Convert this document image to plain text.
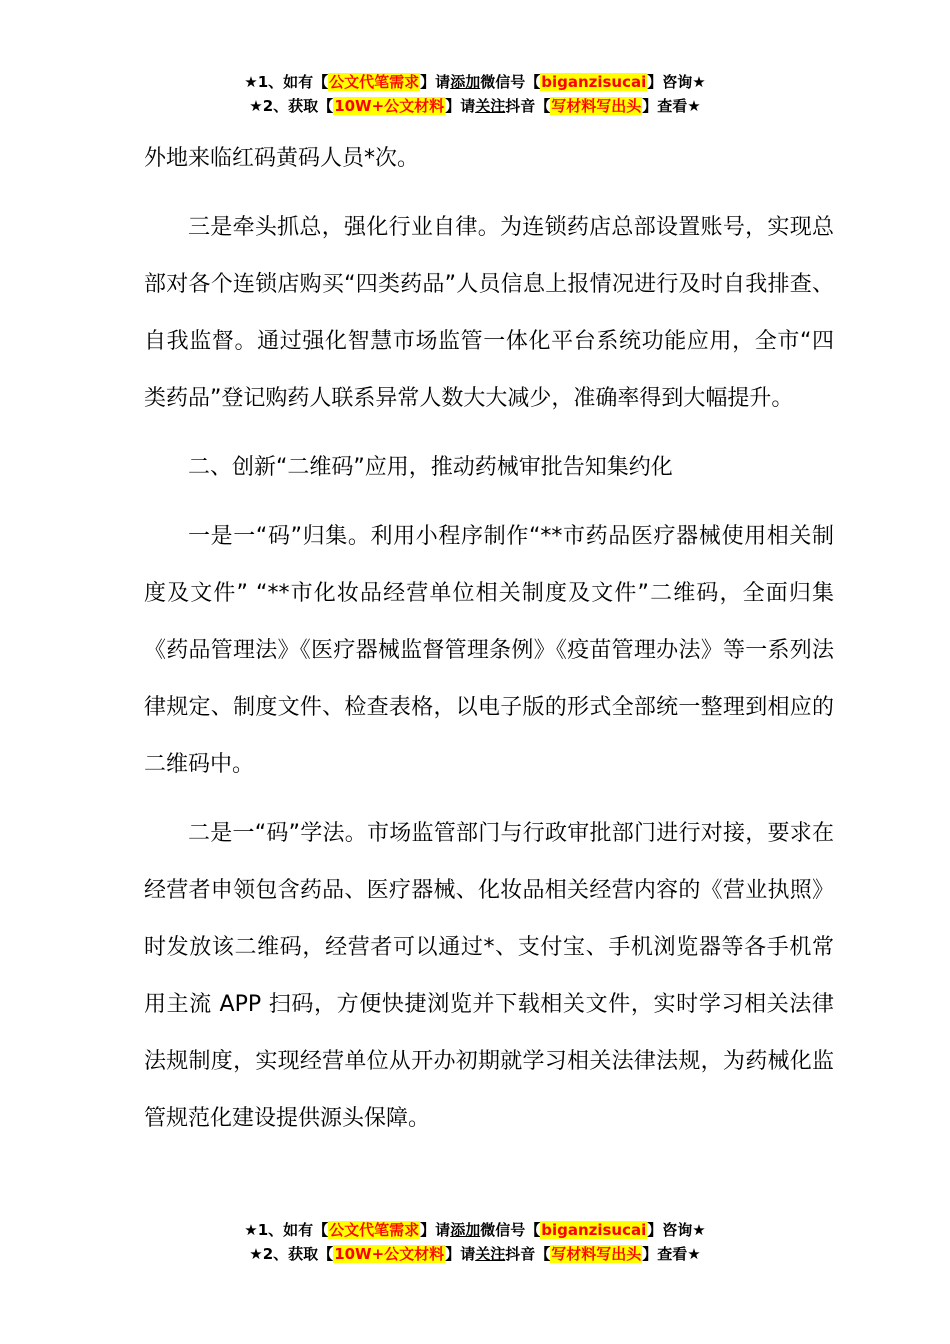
★1、如有【公文代笔需求】请添加微信号【biganzisucai】咨询★
★2、获取【10W+公文材料】请关注抖音【写材料写出头】查看★

外地来临红码黄码人员*次。

三是牵头抓总，强化行业自律。为连锁药店总部设置账号，实现总部对各个连锁店购买“四类药品”人员信息上报情况进行及时自我排查、自我监督。通过强化智慧市场监管一体化平台系统功能应用，全市“四类药品”登记购药人联系异常人数大大减少，准确率得到大幅提升。

二、创新“二维码”应用，推动药械审批告知集约化

一是一“码”归集。利用小程序制作“**市药品医疗器械使用相关制度及文件” “**市化妆品经营单位相关制度及文件”二维码，全面归集《药品管理法》《医疗器械监督管理条例》《疫苗管理办法》等一系列法律规定、制度文件、检查表格，以电子版的形式全部统一整理到相应的二维码中。

二是一“码”学法。市场监管部门与行政审批部门进行对接，要求在经营者申领包含药品、医疗器械、化妆品相关经营内容的《营业执照》时发放该二维码，经营者可以通过*、支付宝、手机浏览器等各手机常用主流 APP 扫码，方便快捷浏览并下载相关文件，实时学习相关法律法规制度，实现经营单位从开办初期就学习相关法律法规，为药械化监管规范化建设提供源头保障。

★1、如有【公文代笔需求】请添加微信号【biganzisucai】咨询★
★2、获取【10W+公文材料】请关注抖音【写材料写出头】查看★
